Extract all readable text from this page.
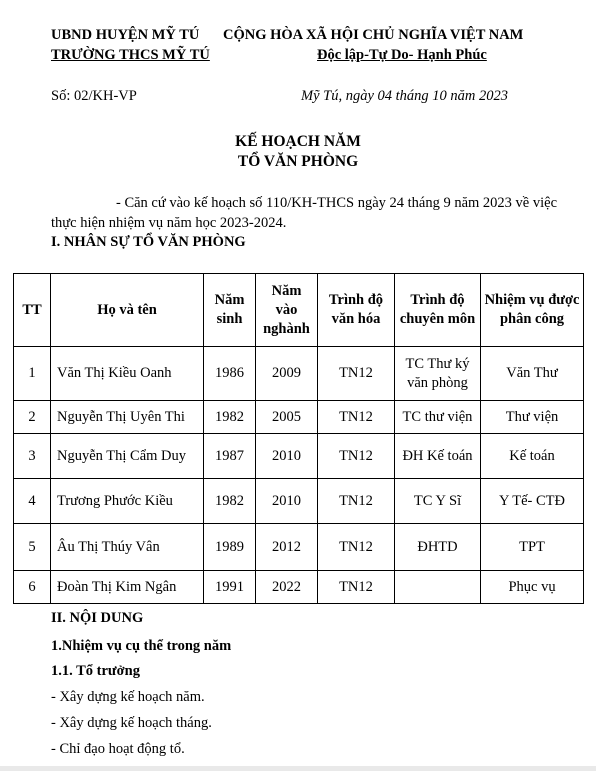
UBND HUYỆN MỸ TÚ
TRƯỜNG THCS MỸ TÚ
CỘNG HÒA XÃ HỘI CHỦ NGHĨA VIỆT NAM
Độc lập-Tự Do- Hạnh Phúc
Số: 02/KH-VP	Mỹ Tú, ngày 04 tháng 10 năm 2023
KẾ HOẠCH NĂM
TỔ VĂN PHÒNG
- Căn cứ vào kế hoạch số 110/KH-THCS ngày 24 tháng 9 năm 2023 về việc
thực hiện nhiệm vụ năm học 2023-2024.
I. NHÂN SỰ TỔ VĂN PHÒNG
TT	Họ và tên	Năm sinh	Năm vào nghành	Trình độ văn hóa	Trình độ chuyên môn	Nhiệm vụ được phân công
1	Văn Thị Kiều Oanh	1986	2009	TN12	TC Thư ký văn phòng	Văn Thư
2	Nguyễn Thị Uyên Thi	1982	2005	TN12	TC thư viện	Thư viện
3	Nguyễn Thị Cẩm Duy	1987	2010	TN12	ĐH Kế toán	Kế toán
4	Trương Phước Kiều	1982	2010	TN12	TC Y Sĩ	Y Tế- CTĐ
5	Âu Thị Thúy Vân	1989	2012	TN12	ĐHTD	TPT
6	Đoàn Thị Kim Ngân	1991	2022	TN12		Phục vụ
II. NỘI DUNG
1.Nhiệm vụ cụ thể trong năm
1.1. Tổ trưởng
- Xây dựng kế hoạch năm.
- Xây dựng kế hoạch tháng.
- Chỉ đạo hoạt động tổ.
